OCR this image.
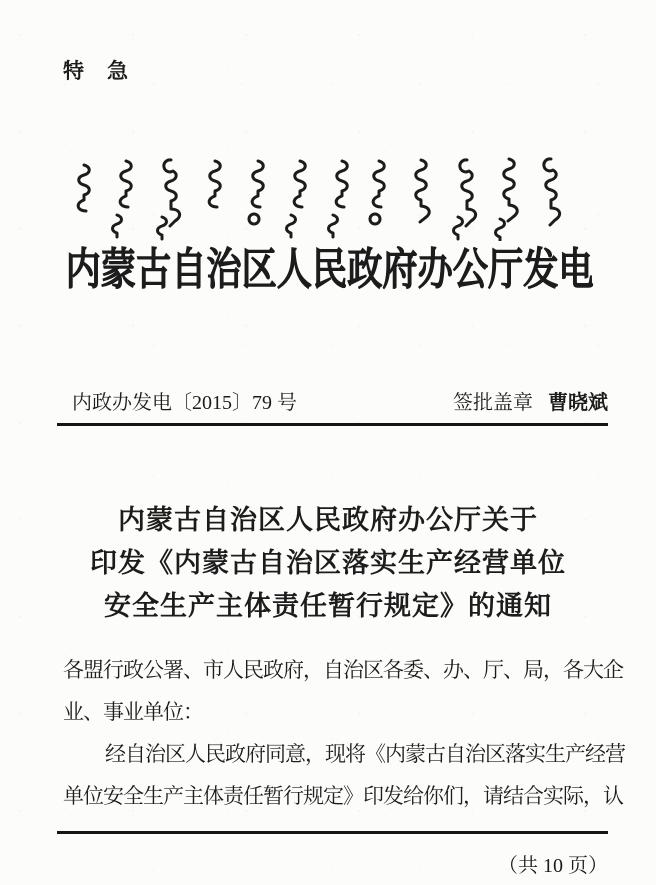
特　急
内蒙古自治区人民政府办公厅发电
内政办发电〔2015〕79 号	签批盖章 曹晓斌
内蒙古自治区人民政府办公厅关于
印发《内蒙古自治区落实生产经营单位
安全生产主体责任暂行规定》的通知
各盟行政公署、市人民政府，自治区各委、办、厅、局，各大企
业、事业单位：
经自治区人民政府同意，现将《内蒙古自治区落实生产经营
单位安全生产主体责任暂行规定》印发给你们，请结合实际，认
（共 10 页）
